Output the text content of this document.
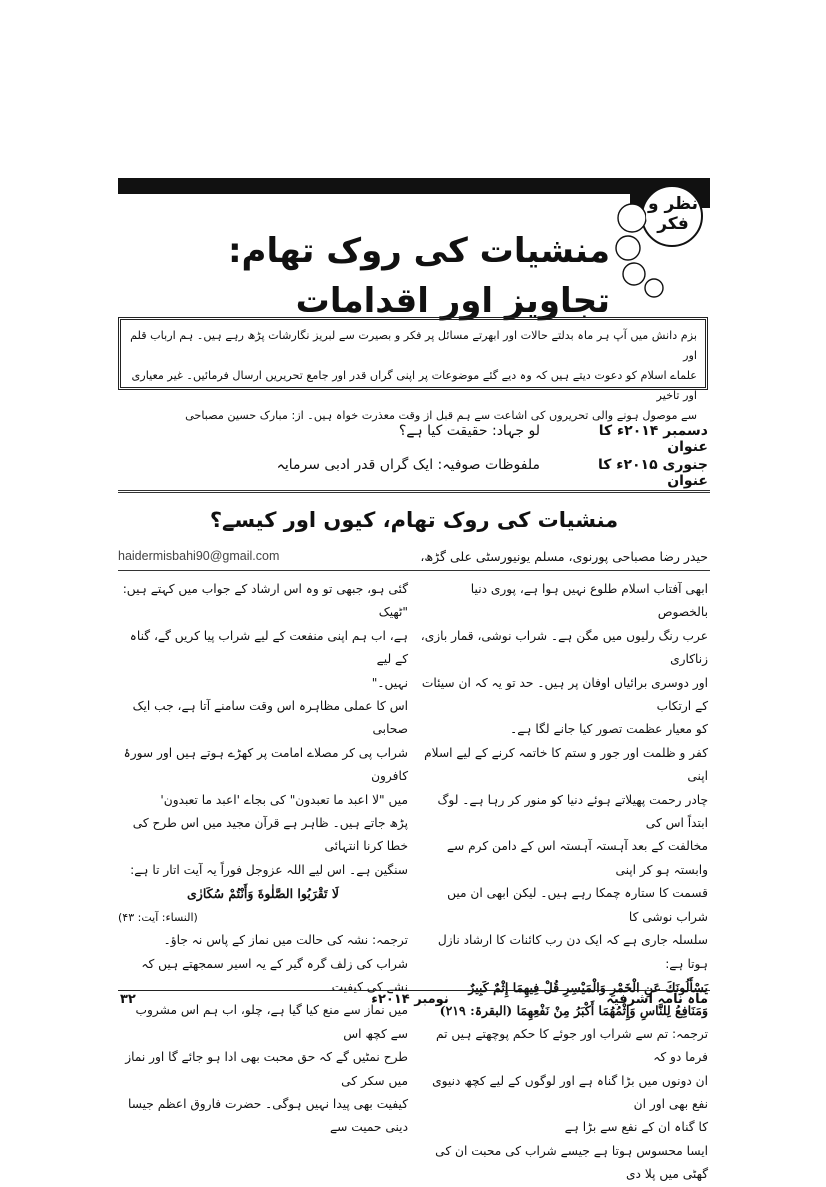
نظر و فکر
منشیات کی روک تھام: تجاویز اور اقدامات
بزم دانش میں آپ ہر ماہ بدلتے حالات اور ابھرتے مسائل پر فکر و بصیرت سے لبریز نگارشات پڑھ رہے ہیں۔ ہم ارباب قلم اور
علماے اسلام کو دعوت دیتے ہیں کہ وہ دیے گئے موضوعات پر اپنی گراں قدر اور جامع تحریریں ارسال فرمائیں۔ غیر معیاری اور تاخیر
سے موصول ہونے والی تحریروں کی اشاعت سے ہم قبل از وقت معذرت خواہ ہیں۔ از: مبارک حسین مصباحی
دسمبر ۲۰۱۴ء کا عنوان
لو جہاد: حقیقت کیا ہے؟
جنوری ۲۰۱۵ء کا عنوان
ملفوظات صوفیہ: ایک گراں قدر ادبی سرمایہ
منشیات کی روک تھام، کیوں اور کیسے؟
حیدر رضا مصباحی پورنوی، مسلم یونیورسٹی علی گڑھ،
haidermisbahi90@gmail.com

ابھی آفتاب اسلام طلوع نہیں ہوا ہے، پوری دنیا بالخصوص

عرب رنگ رلیوں میں مگن ہے۔ شراب نوشی، قمار بازی، زناکاری

اور دوسری برائیاں اوفان پر ہیں۔ حد تو یہ کہ ان سیئات کے ارتکاب

کو معیار عظمت تصور کیا جانے لگا ہے۔

کفر و ظلمت اور جور و ستم کا خاتمہ کرنے کے لیے اسلام اپنی

چادر رحمت پھیلاتے ہوئے دنیا کو منور کر رہا ہے۔ لوگ ابتداً اس کی

مخالفت کے بعد آہستہ آہستہ اس کے دامن کرم سے وابستہ ہو کر اپنی

قسمت کا ستارہ چمکا رہے ہیں۔ لیکن ابھی ان میں شراب نوشی کا

سلسلہ جاری ہے کہ ایک دن رب کائنات کا ارشاد نازل ہوتا ہے:

يَسْأَلُونَكَ عَنِ الْخَمْرِ وَالْمَيْسِرِ قُلْ فِيهِمَا إِثْمٌ كَبِيرٌ

وَمَنَافِعُ لِلنَّاسِ وَإِثْمُهُمَا أَكْبَرُ مِنْ نَفْعِهِمَا (البقرۃ: ۲۱۹)

ترجمہ: تم سے شراب اور جوئے کا حکم پوچھتے ہیں تم فرما دو کہ

ان دونوں میں بڑا گناہ ہے اور لوگوں کے لیے کچھ دنیوی نفع بھی اور ان

کا گناہ ان کے نفع سے بڑا ہے

ایسا محسوس ہوتا ہے جیسے شراب کی محبت ان کی گھٹی میں پلا دی

گئی ہو، جبھی تو وہ اس ارشاد کے جواب میں کہتے ہیں: "ٹھیک

ہے، اب ہم اپنی منفعت کے لیے شراب پیا کریں گے، گناہ کے لیے

نہیں۔"

اس کا عملی مظاہرہ اس وقت سامنے آتا ہے، جب ایک صحابی

شراب پی کر مصلاے امامت پر کھڑے ہوتے ہیں اور سورۂ کافرون

میں "لا اعبد ما تعبدون" کی بجاے 'اعبد ما تعبدون'

پڑھ جاتے ہیں۔ ظاہر ہے قرآن مجید میں اس طرح کی خطا کرنا انتہائی

سنگین ہے۔ اس لیے اللہ عزوجل فوراً یہ آیت اتار تا ہے:

لَا تَقْرَبُوا الصَّلٰوةَ وَأَنْتُمْ سُكَارٰى

(النساء: آیت: ۴۳)

ترجمہ: نشہ کی حالت میں نماز کے پاس نہ جاؤ۔

شراب کی زلف گرہ گیر کے یہ اسیر سمجھتے ہیں کہ نشے کی کیفیت

میں نماز سے منع کیا گیا ہے، چلو، اب ہم اس مشروب سے کچھ اس

طرح نمٹیں گے کہ حق محبت بھی ادا ہو جائے گا اور نماز میں سکر کی

کیفیت بھی پیدا نہیں ہوگی۔ حضرت فاروق اعظم جیسا دینی حمیت سے

ماہ نامہ اشرفیہ
نومبر ۲۰۱۴ء
۳۲
